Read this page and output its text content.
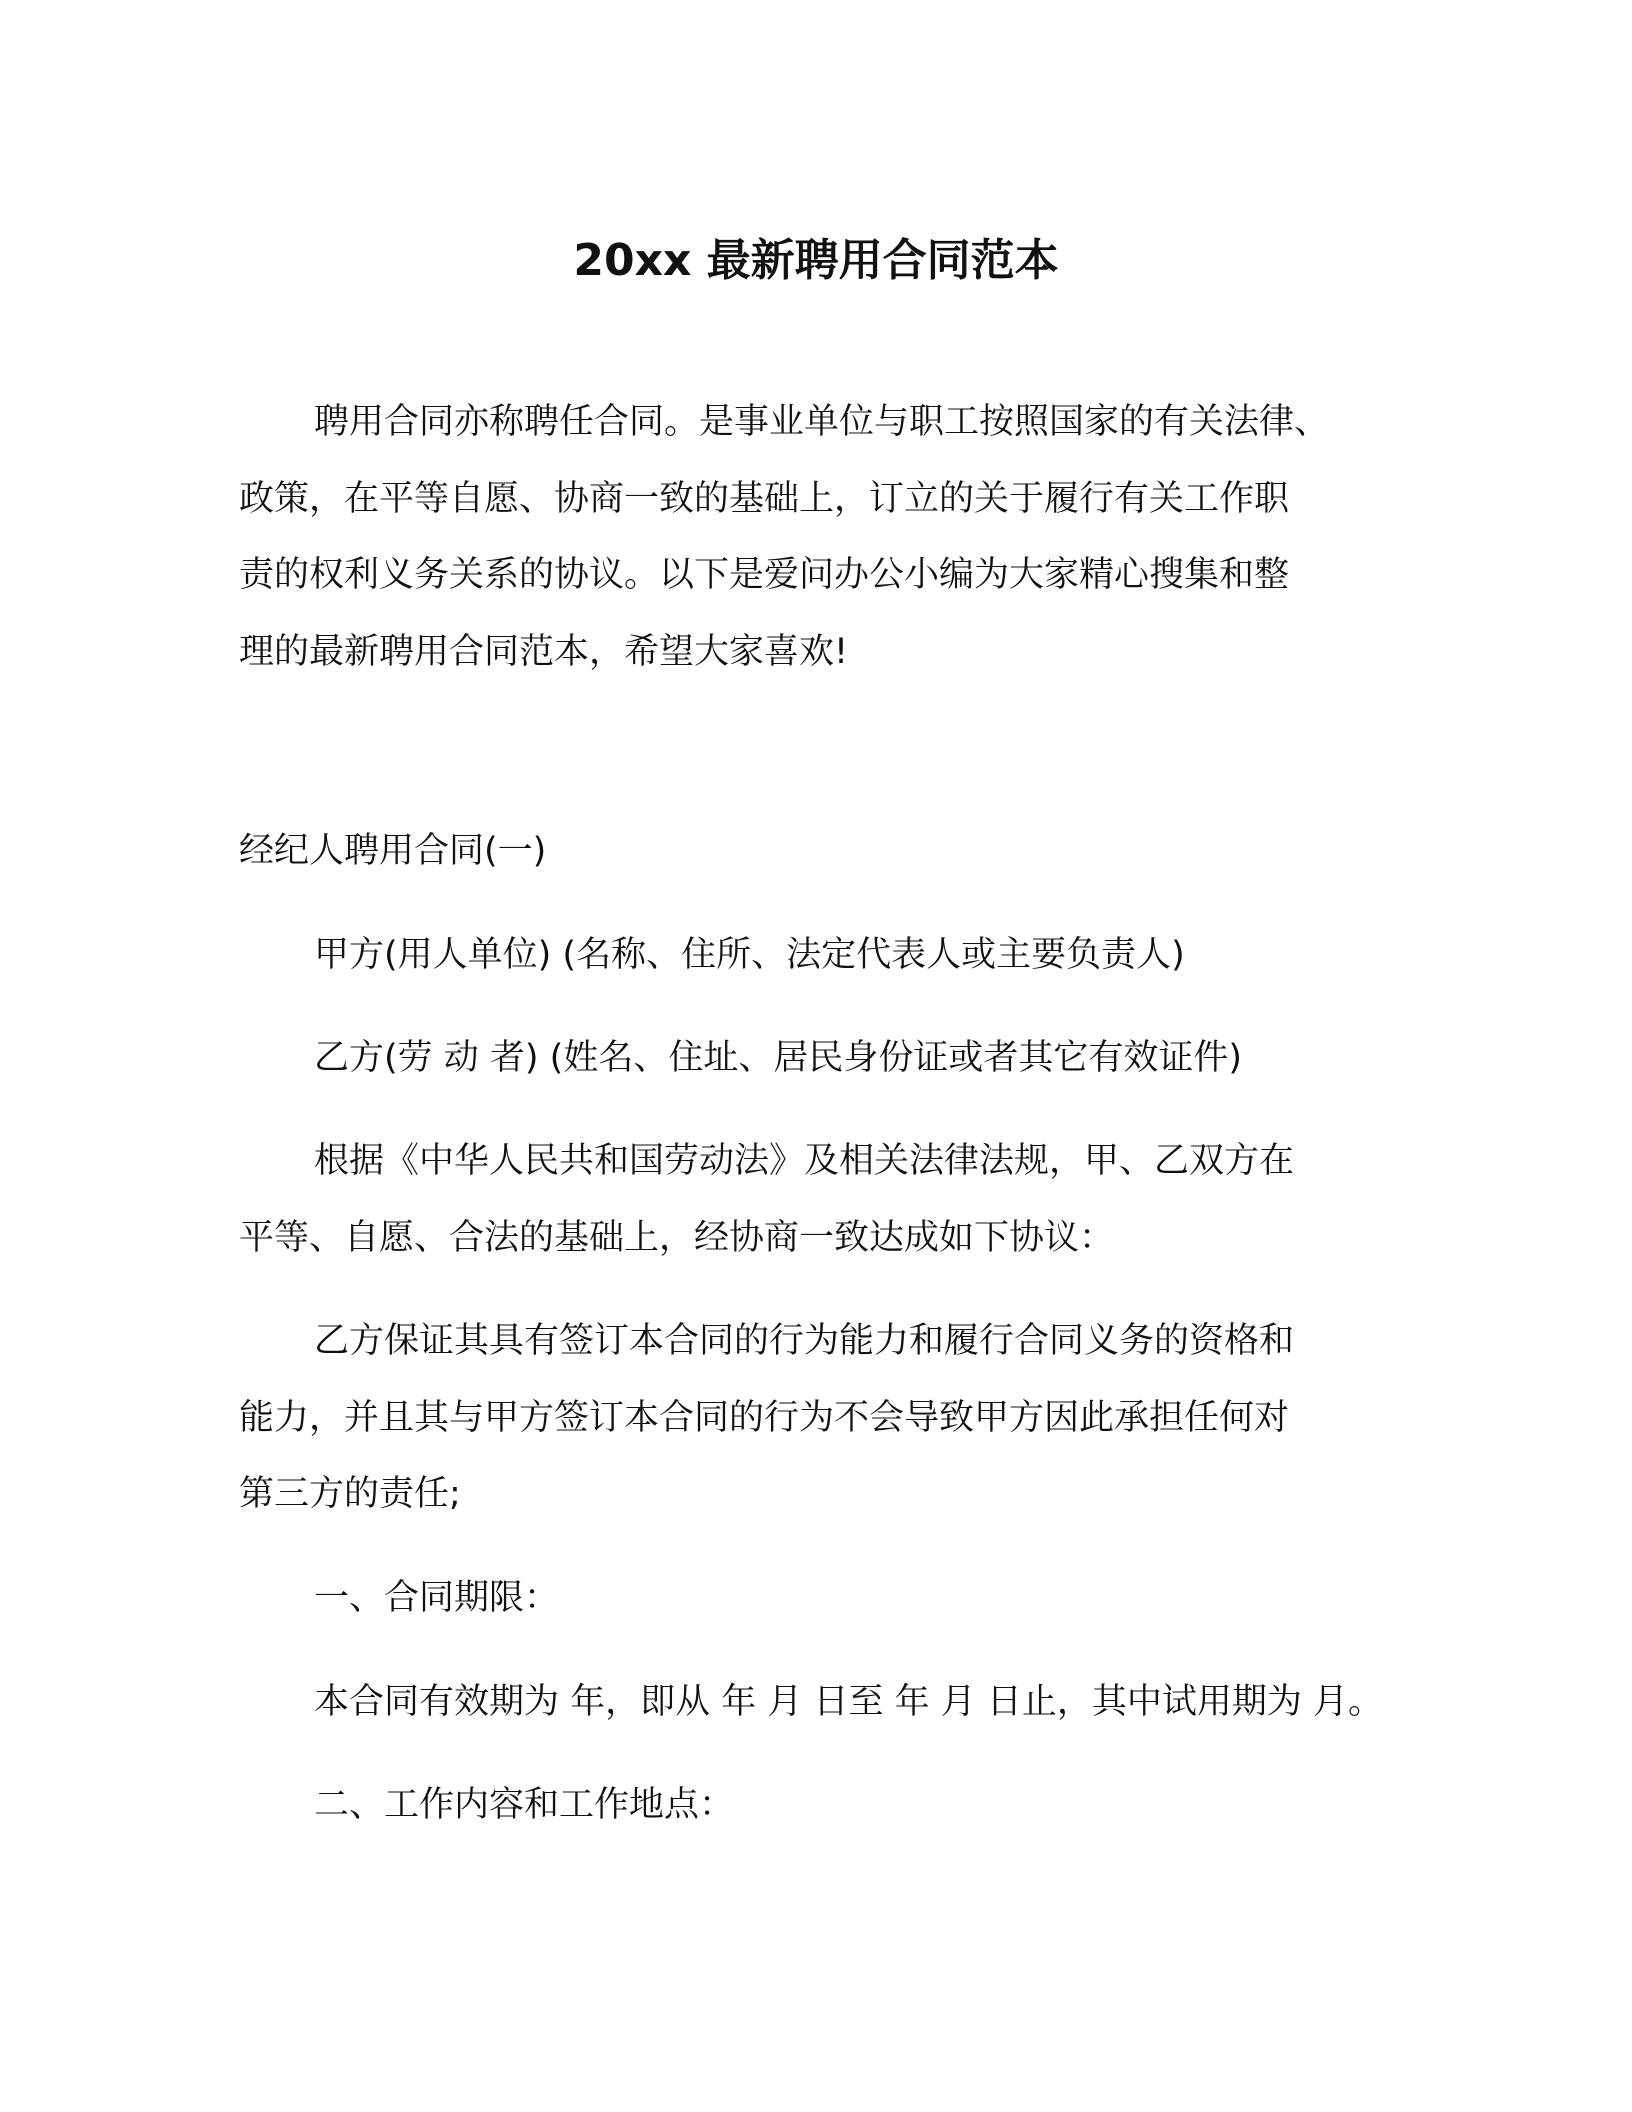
20xx 最新聘用合同范本

聘用合同亦称聘任合同。是事业单位与职工按照国家的有关法律、

政策，在平等自愿、协商一致的基础上，订立的关于履行有关工作职

责的权利义务关系的协议。以下是爱问办公小编为大家精心搜集和整

理的最新聘用合同范本，希望大家喜欢!

经纪人聘用合同(一)

甲方(用人单位) (名称、住所、法定代表人或主要负责人)

乙方(劳 动 者) (姓名、住址、居民身份证或者其它有效证件)

根据《中华人民共和国劳动法》及相关法律法规，甲、乙双方在

平等、自愿、合法的基础上，经协商一致达成如下协议：

乙方保证其具有签订本合同的行为能力和履行合同义务的资格和

能力，并且其与甲方签订本合同的行为不会导致甲方因此承担任何对

第三方的责任;

一、合同期限：

本合同有效期为 年，即从 年 月 日至 年 月 日止，其中试用期为 月。

二、工作内容和工作地点：
